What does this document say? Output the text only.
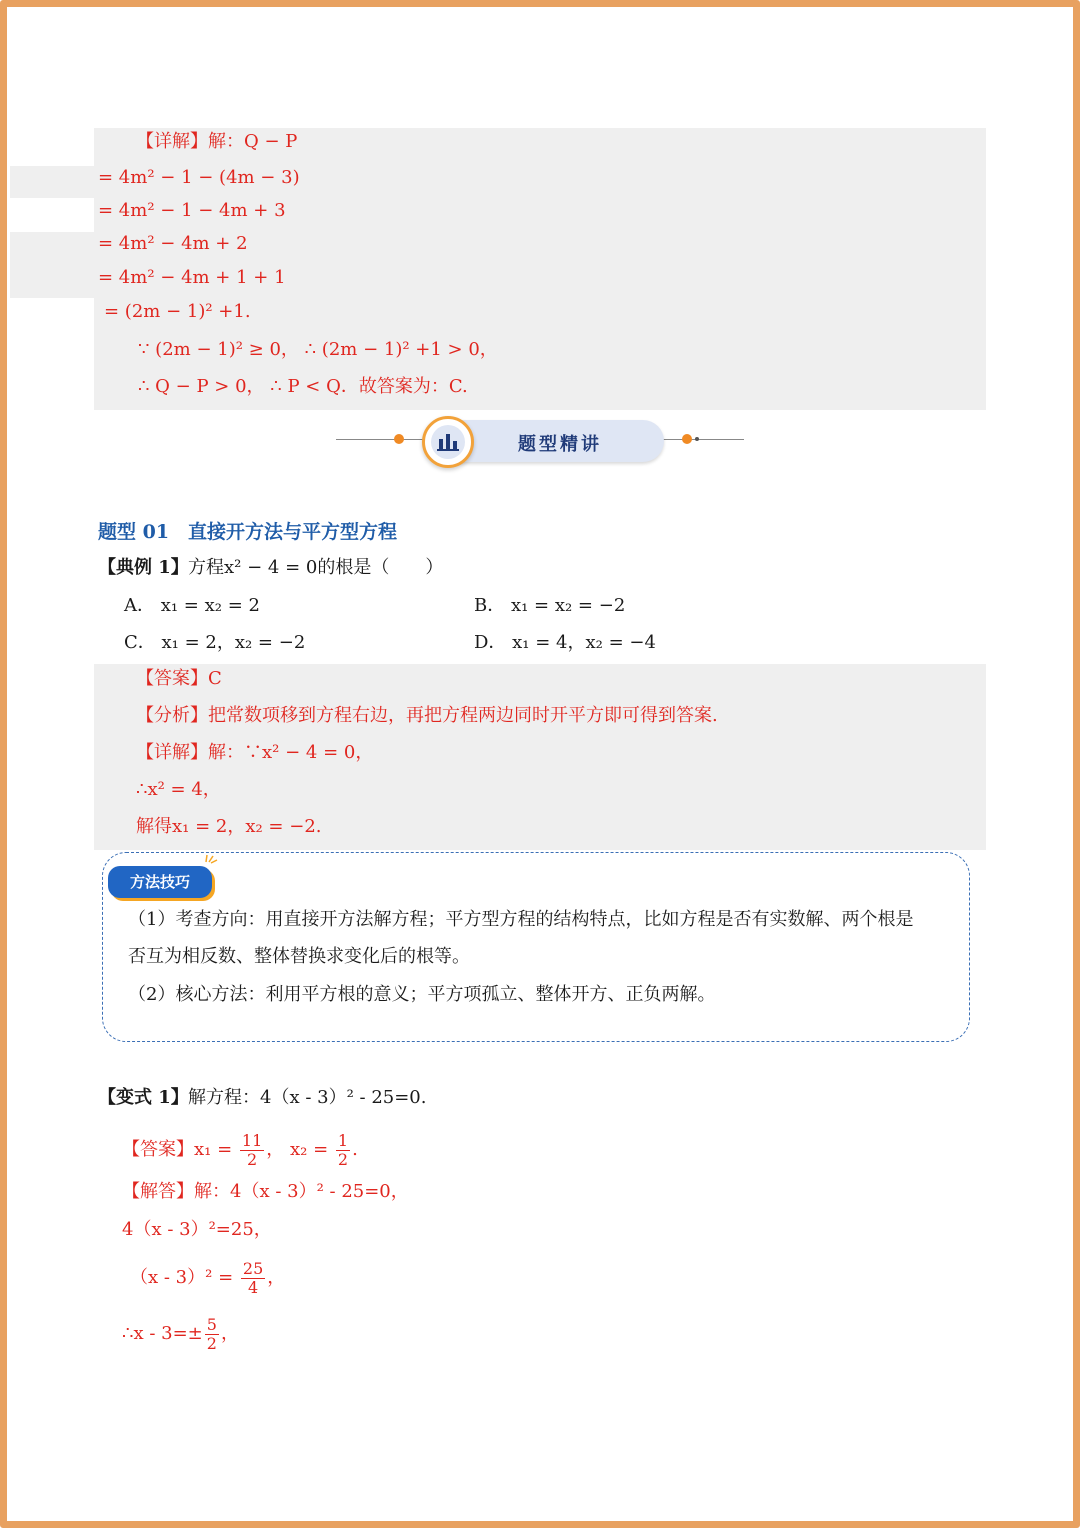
【详解】解：Q − P
= 4m² − 1 − (4m − 3)
= 4m² − 1 − 4m + 3
= 4m² − 4m + 2
= 4m² − 4m + 1 + 1
= (2m − 1)² +1.
∵ (2m − 1)² ≥ 0， ∴ (2m − 1)² +1 > 0，
∴ Q − P > 0， ∴ P < Q．故答案为：C.
题型精讲
题型 01　直接开方法与平方型方程
【典例 1】 方程x² − 4 = 0的根是（　　）
A． x₁ = x₂ = 2	B． x₁ = x₂ = −2
C． x₁ = 2，x₂ = −2	D． x₁ = 4，x₂ = −4
【答案】C
【分析】把常数项移到方程右边，再把方程两边同时开平方即可得到答案.
【详解】解：∵x² − 4 = 0，
∴x² = 4，
解得x₁ = 2，x₂ = −2.
方法技巧
（1）考查方向：用直接开方法解方程；平方型方程的结构特点，比如方程是否有实数解、两个根是
否互为相反数、整体替换求变化后的根等。
（2）核心方法：利用平方根的意义；平方项孤立、整体开方、正负两解。
【变式 1】 解方程：4（x - 3）² - 25=0.
【答案】$x_1 = \frac{11}{2}$ ， $x_2 = \frac{1}{2}$ .
【解答】解：4（x - 3）² - 25=0，
4（x - 3）²=25，
$(x - 3)^2 = \frac{25}{4}$ ，
∴x - $3=\pm \frac{5}{2}$ ，
